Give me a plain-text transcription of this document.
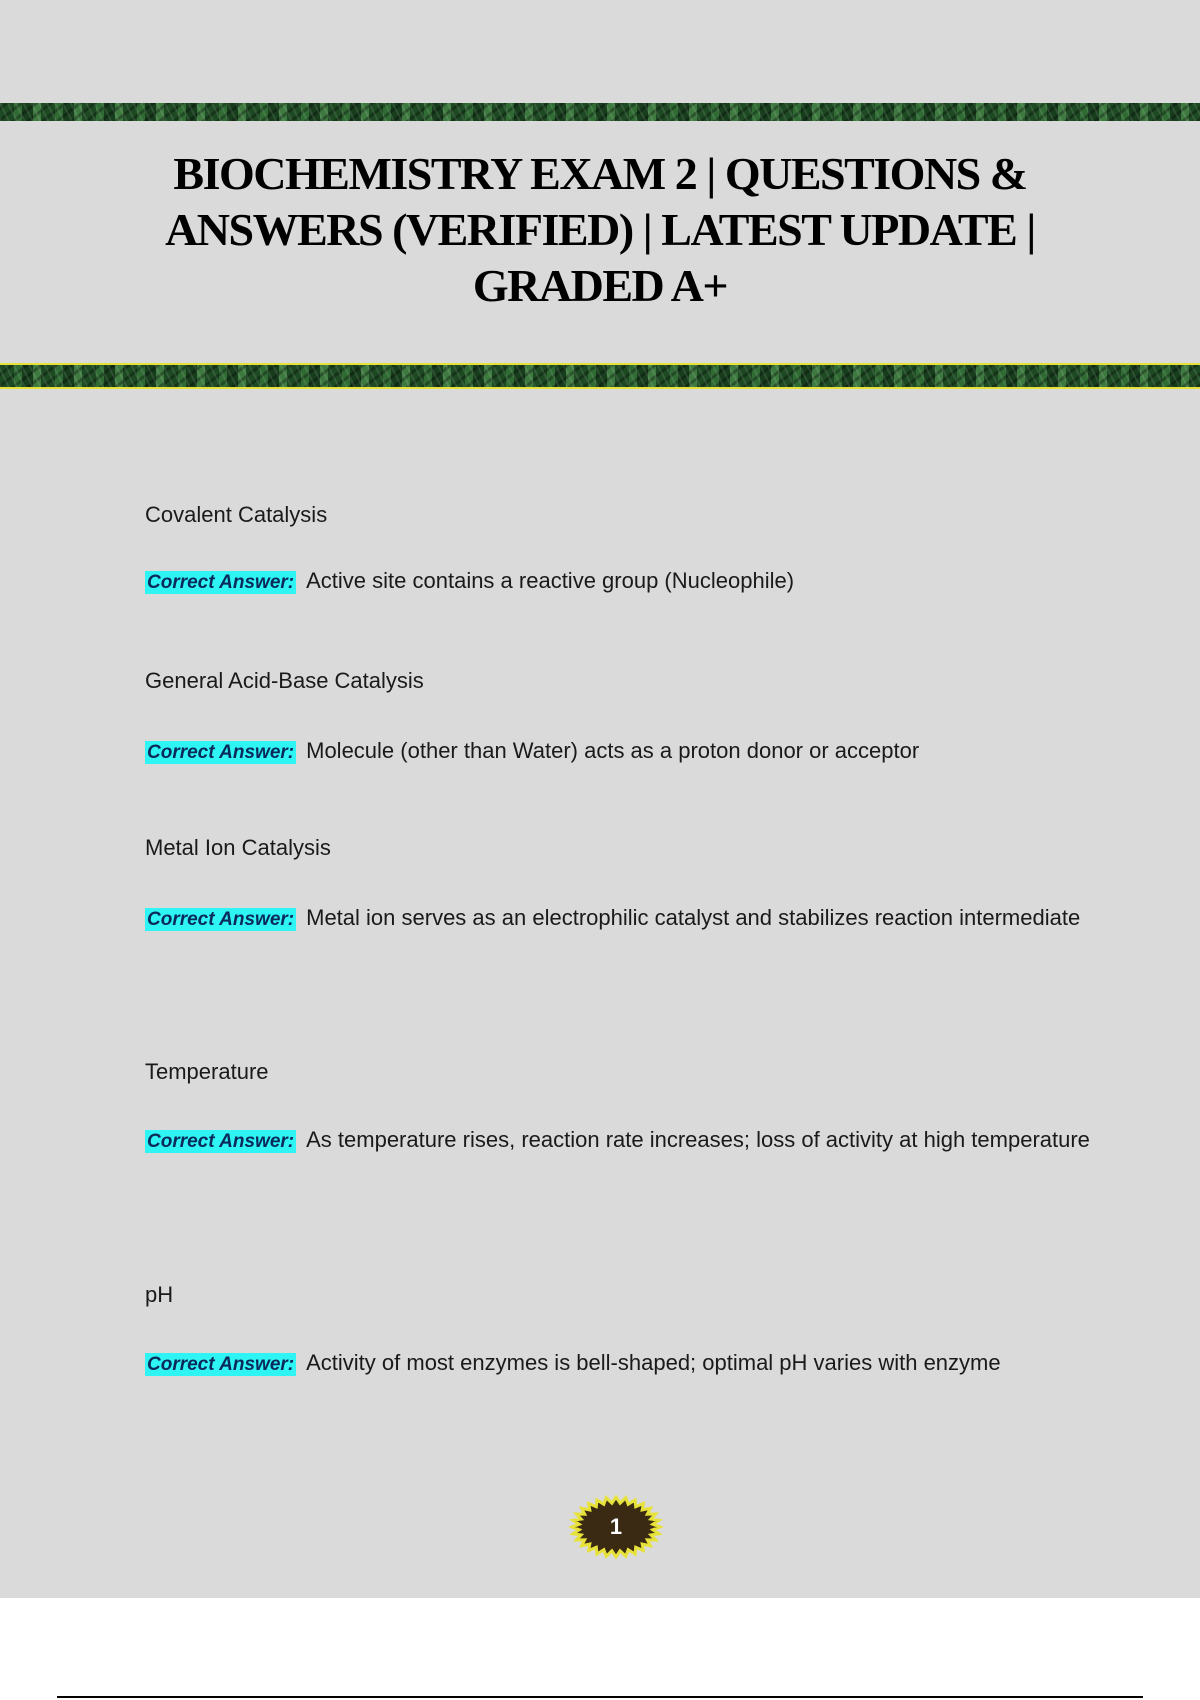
BIOCHEMISTRY EXAM 2 | QUESTIONS & ANSWERS (VERIFIED) | LATEST UPDATE | GRADED A+

Covalent Catalysis

Correct Answer: Active site contains a reactive group (Nucleophile)

General Acid-Base Catalysis

Correct Answer: Molecule (other than Water) acts as a proton donor or acceptor

Metal Ion Catalysis

Correct Answer: Metal ion serves as an electrophilic catalyst and stabilizes reaction intermediate

Temperature

Correct Answer: As temperature rises, reaction rate increases; loss of activity at high temperature

pH

Correct Answer: Activity of most enzymes is bell-shaped; optimal pH varies with enzyme

1
